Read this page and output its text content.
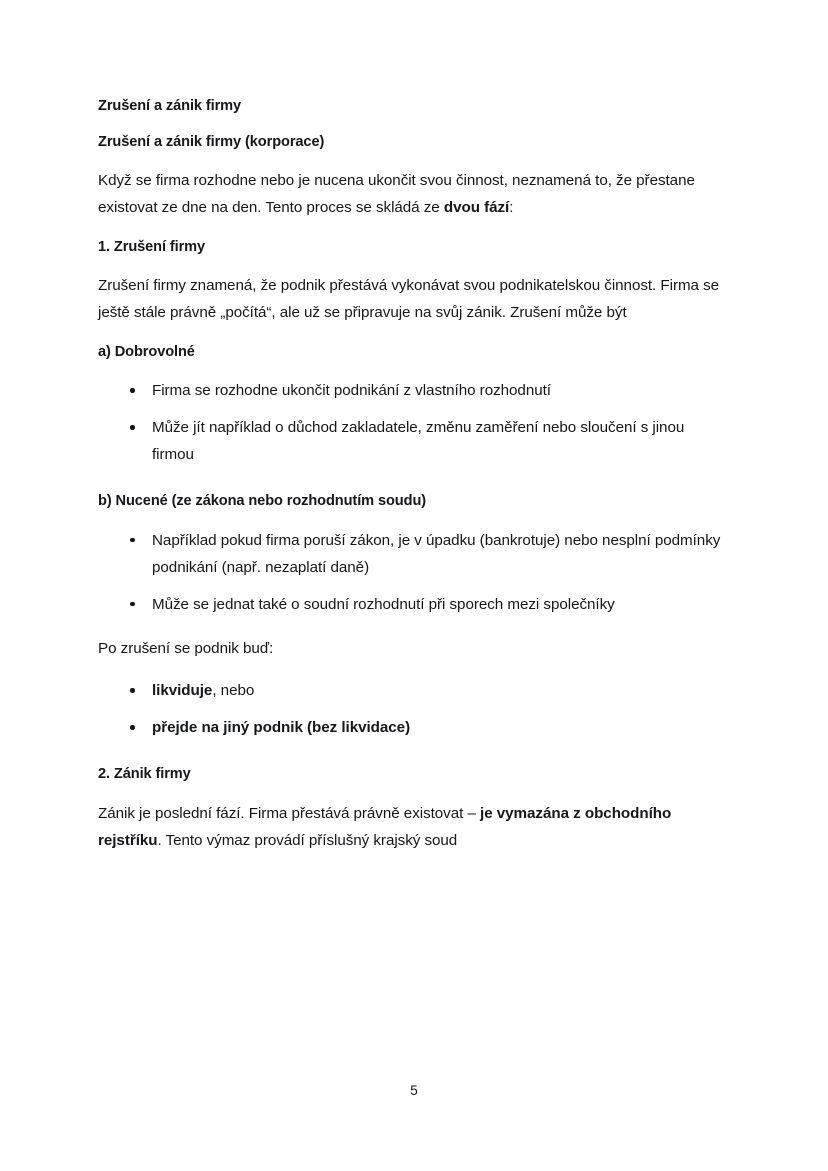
Zrušení a zánik firmy
Zrušení a zánik firmy (korporace)

Když se firma rozhodne nebo je nucena ukončit svou činnost, neznamená to, že přestane existovat ze dne na den. Tento proces se skládá ze dvou fází:

1. Zrušení firmy

Zrušení firmy znamená, že podnik přestává vykonávat svou podnikatelskou činnost. Firma se ještě stále právně „počítá“, ale už se připravuje na svůj zánik. Zrušení může být

a) Dobrovolné
Firma se rozhodne ukončit podnikání z vlastního rozhodnutí
Může jít například o důchod zakladatele, změnu zaměření nebo sloučení s jinou firmou
b) Nucené (ze zákona nebo rozhodnutím soudu)
Například pokud firma poruší zákon, je v úpadku (bankrotuje) nebo nesplní podmínky podnikání (např. nezaplatí daně)
Může se jednat také o soudní rozhodnutí při sporech mezi společníky

Po zrušení se podnik buď:

likviduje, nebo
přejde na jiný podnik (bez likvidace)
2. Zánik firmy

Zánik je poslední fází. Firma přestává právně existovat – je vymazána z obchodního rejstříku. Tento výmaz provádí příslušný krajský soud

5
